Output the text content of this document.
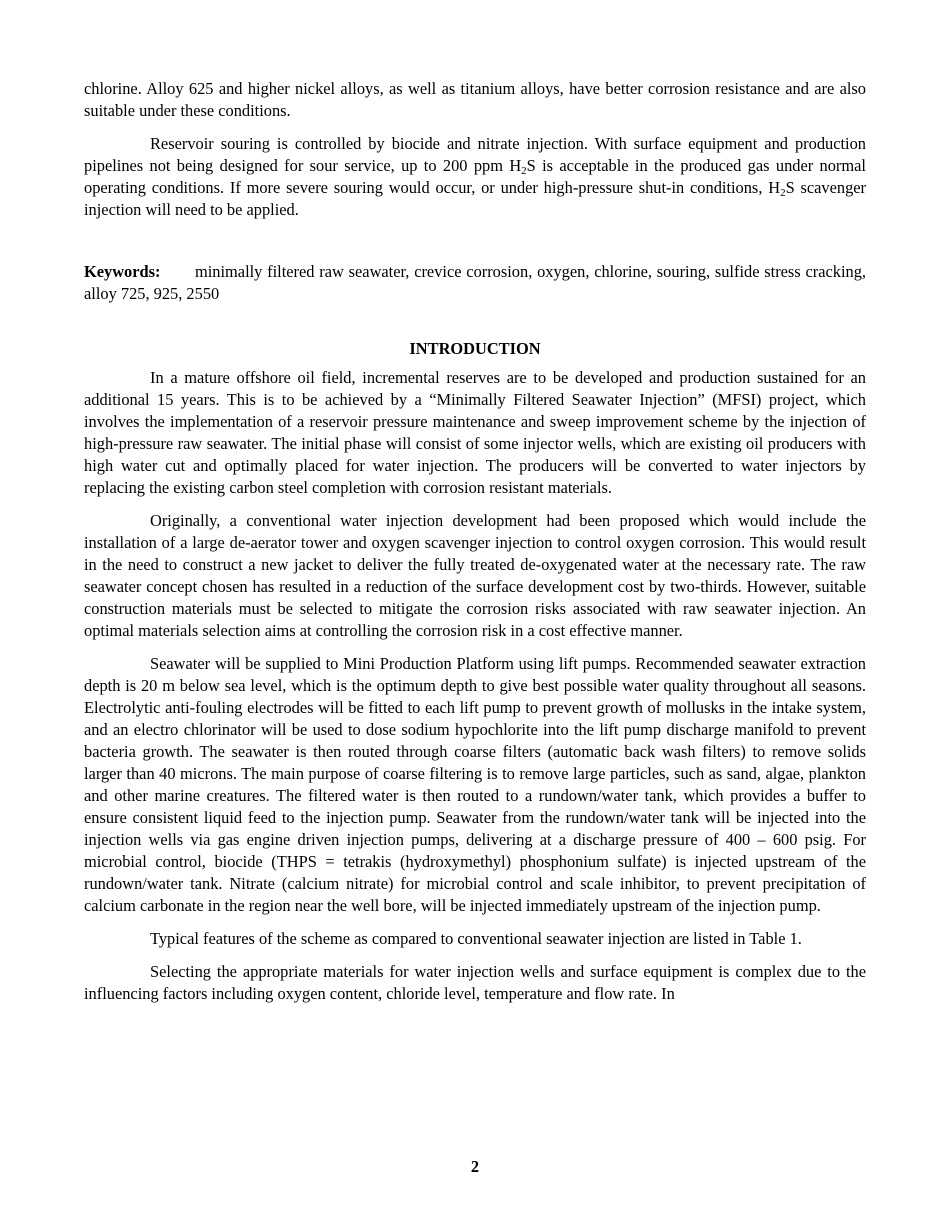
chlorine. Alloy 625 and higher nickel alloys, as well as titanium alloys, have better corrosion resistance and are also suitable under these conditions.

Reservoir souring is controlled by biocide and nitrate injection. With surface equipment and production pipelines not being designed for sour service, up to 200 ppm $H_2S$ is acceptable in the produced gas under normal operating conditions. If more severe souring would occur, or under high-pressure shut-in conditions, $H_2S$ scavenger injection will need to be applied.

Keywords: minimally filtered raw seawater, crevice corrosion, oxygen, chlorine, souring, sulfide stress cracking, alloy 725, 925, 2550

INTRODUCTION

In a mature offshore oil field, incremental reserves are to be developed and production sustained for an additional 15 years. This is to be achieved by a “Minimally Filtered Seawater Injection” (MFSI) project, which involves the implementation of a reservoir pressure maintenance and sweep improvement scheme by the injection of high-pressure raw seawater. The initial phase will consist of some injector wells, which are existing oil producers with high water cut and optimally placed for water injection. The producers will be converted to water injectors by replacing the existing carbon steel completion with corrosion resistant materials.

Originally, a conventional water injection development had been proposed which would include the installation of a large de-aerator tower and oxygen scavenger injection to control oxygen corrosion. This would result in the need to construct a new jacket to deliver the fully treated de-oxygenated water at the necessary rate. The raw seawater concept chosen has resulted in a reduction of the surface development cost by two-thirds. However, suitable construction materials must be selected to mitigate the corrosion risks associated with raw seawater injection. An optimal materials selection aims at controlling the corrosion risk in a cost effective manner.

Seawater will be supplied to Mini Production Platform using lift pumps. Recommended seawater extraction depth is 20 m below sea level, which is the optimum depth to give best possible water quality throughout all seasons. Electrolytic anti-fouling electrodes will be fitted to each lift pump to prevent growth of mollusks in the intake system, and an electro chlorinator will be used to dose sodium hypochlorite into the lift pump discharge manifold to prevent bacteria growth. The seawater is then routed through coarse filters (automatic back wash filters) to remove solids larger than 40 microns. The main purpose of coarse filtering is to remove large particles, such as sand, algae, plankton and other marine creatures. The filtered water is then routed to a rundown/water tank, which provides a buffer to ensure consistent liquid feed to the injection pump. Seawater from the rundown/water tank will be injected into the injection wells via gas engine driven injection pumps, delivering at a discharge pressure of 400 – 600 psig. For microbial control, biocide (THPS = tetrakis (hydroxymethyl) phosphonium sulfate) is injected upstream of the rundown/water tank. Nitrate (calcium nitrate) for microbial control and scale inhibitor, to prevent precipitation of calcium carbonate in the region near the well bore, will be injected immediately upstream of the injection pump.

Typical features of the scheme as compared to conventional seawater injection are listed in Table 1.

Selecting the appropriate materials for water injection wells and surface equipment is complex due to the influencing factors including oxygen content, chloride level, temperature and flow rate. In

2
